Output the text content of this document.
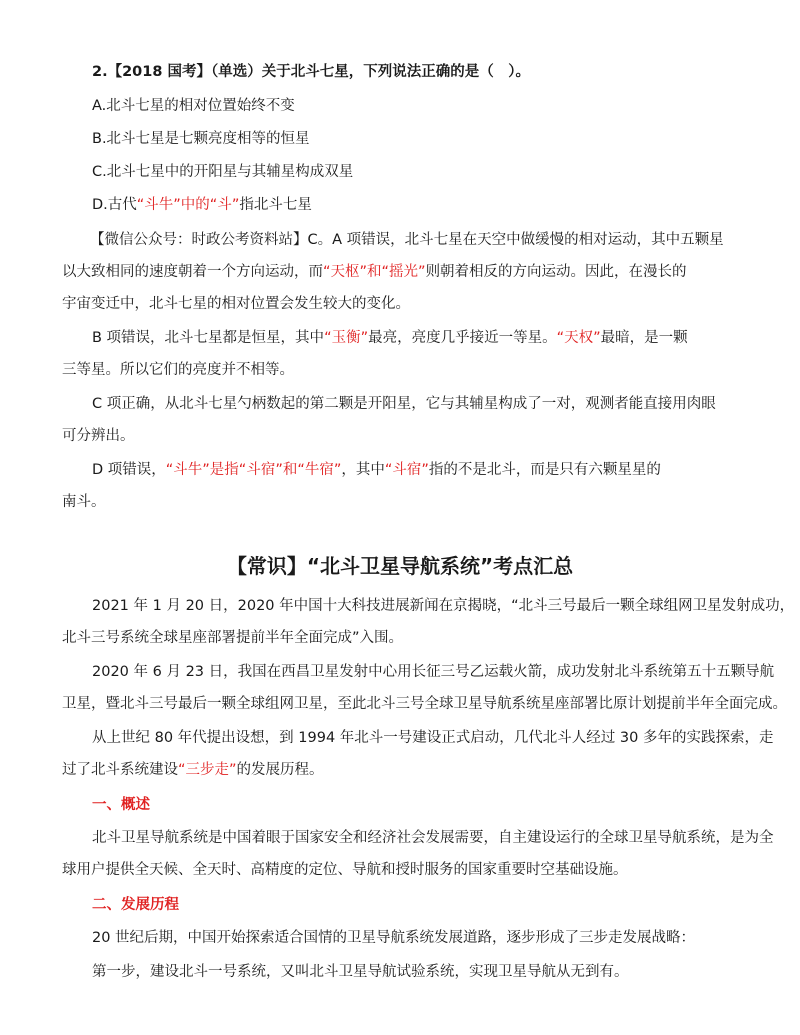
2.【2018 国考】（单选）关于北斗七星，下列说法正确的是（　）。
A.北斗七星的相对位置始终不变
B.北斗七星是七颗亮度相等的恒星
C.北斗七星中的开阳星与其辅星构成双星
D.古代“斗牛”中的“斗”指北斗七星
【微信公众号：时政公考资料站】C。A 项错误，北斗七星在天空中做缓慢的相对运动，其中五颗星
以大致相同的速度朝着一个方向运动，而“天枢”和“摇光”则朝着相反的方向运动。因此，在漫长的
宇宙变迁中，北斗七星的相对位置会发生较大的变化。
B 项错误，北斗七星都是恒星，其中“玉衡”最亮，亮度几乎接近一等星。“天权”最暗，是一颗
三等星。所以它们的亮度并不相等。
C 项正确，从北斗七星勺柄数起的第二颗是开阳星，它与其辅星构成了一对，观测者能直接用肉眼
可分辨出。
D 项错误，“斗牛”是指“斗宿”和“牛宿”，其中“斗宿”指的不是北斗，而是只有六颗星星的
南斗。
【常识】“北斗卫星导航系统”考点汇总
2021 年 1 月 20 日，2020 年中国十大科技进展新闻在京揭晓，“北斗三号最后一颗全球组网卫星发射成功，
北斗三号系统全球星座部署提前半年全面完成”入围。
2020 年 6 月 23 日，我国在西昌卫星发射中心用长征三号乙运载火箭，成功发射北斗系统第五十五颗导航
卫星，暨北斗三号最后一颗全球组网卫星，至此北斗三号全球卫星导航系统星座部署比原计划提前半年全面完成。
从上世纪 80 年代提出设想，到 1994 年北斗一号建设正式启动，几代北斗人经过 30 多年的实践探索，走
过了北斗系统建设“三步走”的发展历程。
一、概述
北斗卫星导航系统是中国着眼于国家安全和经济社会发展需要，自主建设运行的全球卫星导航系统，是为全
球用户提供全天候、全天时、高精度的定位、导航和授时服务的国家重要时空基础设施。
二、发展历程
20 世纪后期，中国开始探索适合国情的卫星导航系统发展道路，逐步形成了三步走发展战略：
第一步，建设北斗一号系统，又叫北斗卫星导航试验系统，实现卫星导航从无到有。
